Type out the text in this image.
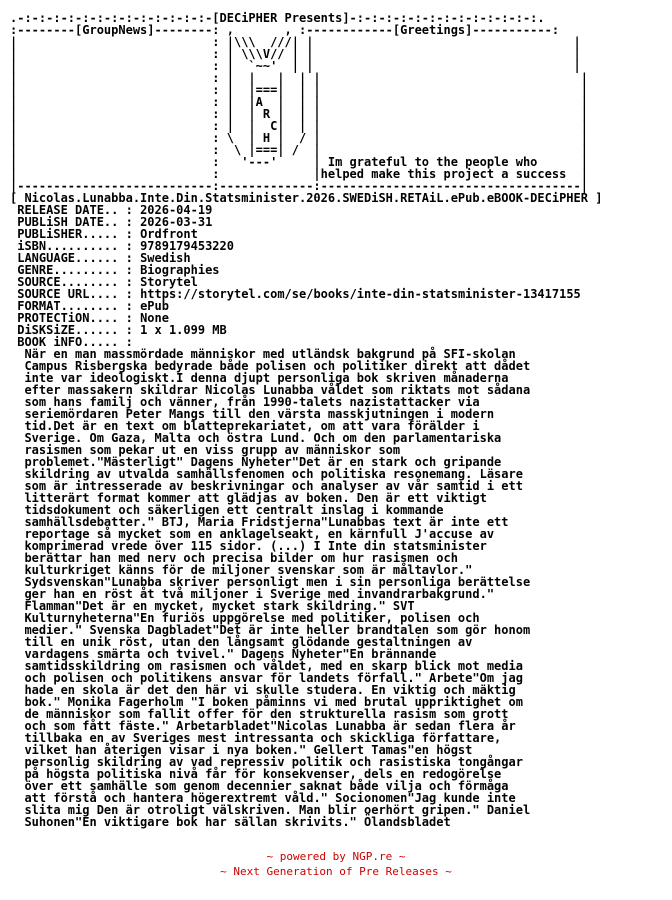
.-:-:-:-:-:-:-:-:-:-:-:-:-:-[DECiPHER Presents]-:-:-:-:-:-:-:-:-:-:-:-:-:.
:--------[GroupNews]--------: ,       , :------------[Greetings]-----------:
|                           : |\\\  ///| |                                    |
|                           : | \\\V// | |                                    |
|                           : |  `~~'  | |                                    |
|                           : |  |   |  | |                                    |
|                           : |  |===|  | |                                    |
|                           : |  |A  |  | |                                    |
|                           : |  | R |  | |                                    |
|                           : |  |  C|  | |                                    |
|                           : \  | H |  / |                                    |
|                           :  \ |===| /  |                                    |
|                           :   '---'     | Im grateful to the people who      |
|                           :             |helped make this project a success  |
|---------------------------:-------------:------------------------------------|
[ Nicolas.Lunabba.Inte.Din.Statsminister.2026.SWEDiSH.RETAiL.ePub.eBOOK-DECiPHER ]
RELEASE DATE.. : 2026-04-19
PUBLiSH DATE.. : 2026-03-31
PUBLiSHER..... : Ordfront
iSBN.......... : 9789179453220
LANGUAGE...... : Swedish
GENRE......... : Biographies
SOURCE........ : Storytel
SOURCE URL.... : https://storytel.com/se/books/inte-din-statsminister-13417155
FORMAT........ : ePub
PROTECTiON.... : None
DiSKSiZE...... : 1 x 1.099 MB
BOOK iNFO..... :
När en man massmördade människor med utländsk bakgrund på SFI-skolan
Campus Risbergska bedyrade både polisen och politiker direkt att dådet
inte var ideologiskt.I denna djupt personliga bok skriven månaderna
efter massakern skildrar Nicolas Lunabba våldet som riktats mot sådana
som hans familj och vänner, från 1990-talets nazistattacker via
seriemördaren Peter Mangs till den värsta masskjutningen i modern
tid.Det är en text om blatteprekariatet, om att vara förälder i
Sverige. Om Gaza, Malta och östra Lund. Och om den parlamentariska
rasismen som pekar ut en viss grupp av människor som
problemet."Mästerligt" Dagens Nyheter"Det är en stark och gripande
skildring av utvalda samhällsfenomen och politiska resonemang. Läsare
som är intresserade av beskrivningar och analyser av vår samtid i ett
litterärt format kommer att glädjas av boken. Den är ett viktigt
tidsdokument och säkerligen ett centralt inslag i kommande
samhällsdebatter." BTJ, Maria Fridstjerna"Lunabbas text är inte ett
reportage så mycket som en anklagelseakt, en kärnfull J'accuse av
komprimerad vrede över 115 sidor. (...) I Inte din statsminister
berättar han med nerv och precisa bilder om hur rasismen och
kulturkriget känns för de miljoner svenskar som är måltavlor."
Sydsvenskan"Lunabba skriver personligt men i sin personliga berättelse
ger han en röst åt två miljoner i Sverige med invandrarbakgrund."
Flamman"Det är en mycket, mycket stark skildring." SVT
Kulturnyheterna"En furiös uppgörelse med politiker, polisen och
medier." Svenska Dagbladet"Det är inte heller brandtalen som gör honom
till en unik röst, utan den långsamt glödande gestaltningen av
vardagens smärta och tvivel." Dagens Nyheter"En brännande
samtidsskildring om rasismen och våldet, med en skarp blick mot media
och polisen och politikens ansvar för landets förfall." Arbete"Om jag
hade en skola är det den här vi skulle studera. En viktig och mäktig
bok." Monika Fagerholm "I boken påminns vi med brutal uppriktighet om
de människor som fallit offer för den strukturella rasism som grott
och som fått fäste." Arbetarbladet"Nicolas Lunabba är sedan flera år
tillbaka en av Sveriges mest intressanta och skickliga författare,
vilket han återigen visar i nya boken." Gellert Tamas"en högst
personlig skildring av vad repressiv politik och rasistiska tongångar
på högsta politiska nivå får för konsekvenser, dels en redogörelse
över ett samhälle som genom decennier saknat både vilja och förmåga
att förstå och hantera högerextremt våld." Socionomen"Jag kunde inte
slita mig Den är otroligt välskriven. Man blir oerhört gripen." Daniel
Suhonen"En viktigare bok har sällan skrivits." Ölandsbladet
~ powered by NGP.re ~
~ Next Generation of Pre Releases ~
